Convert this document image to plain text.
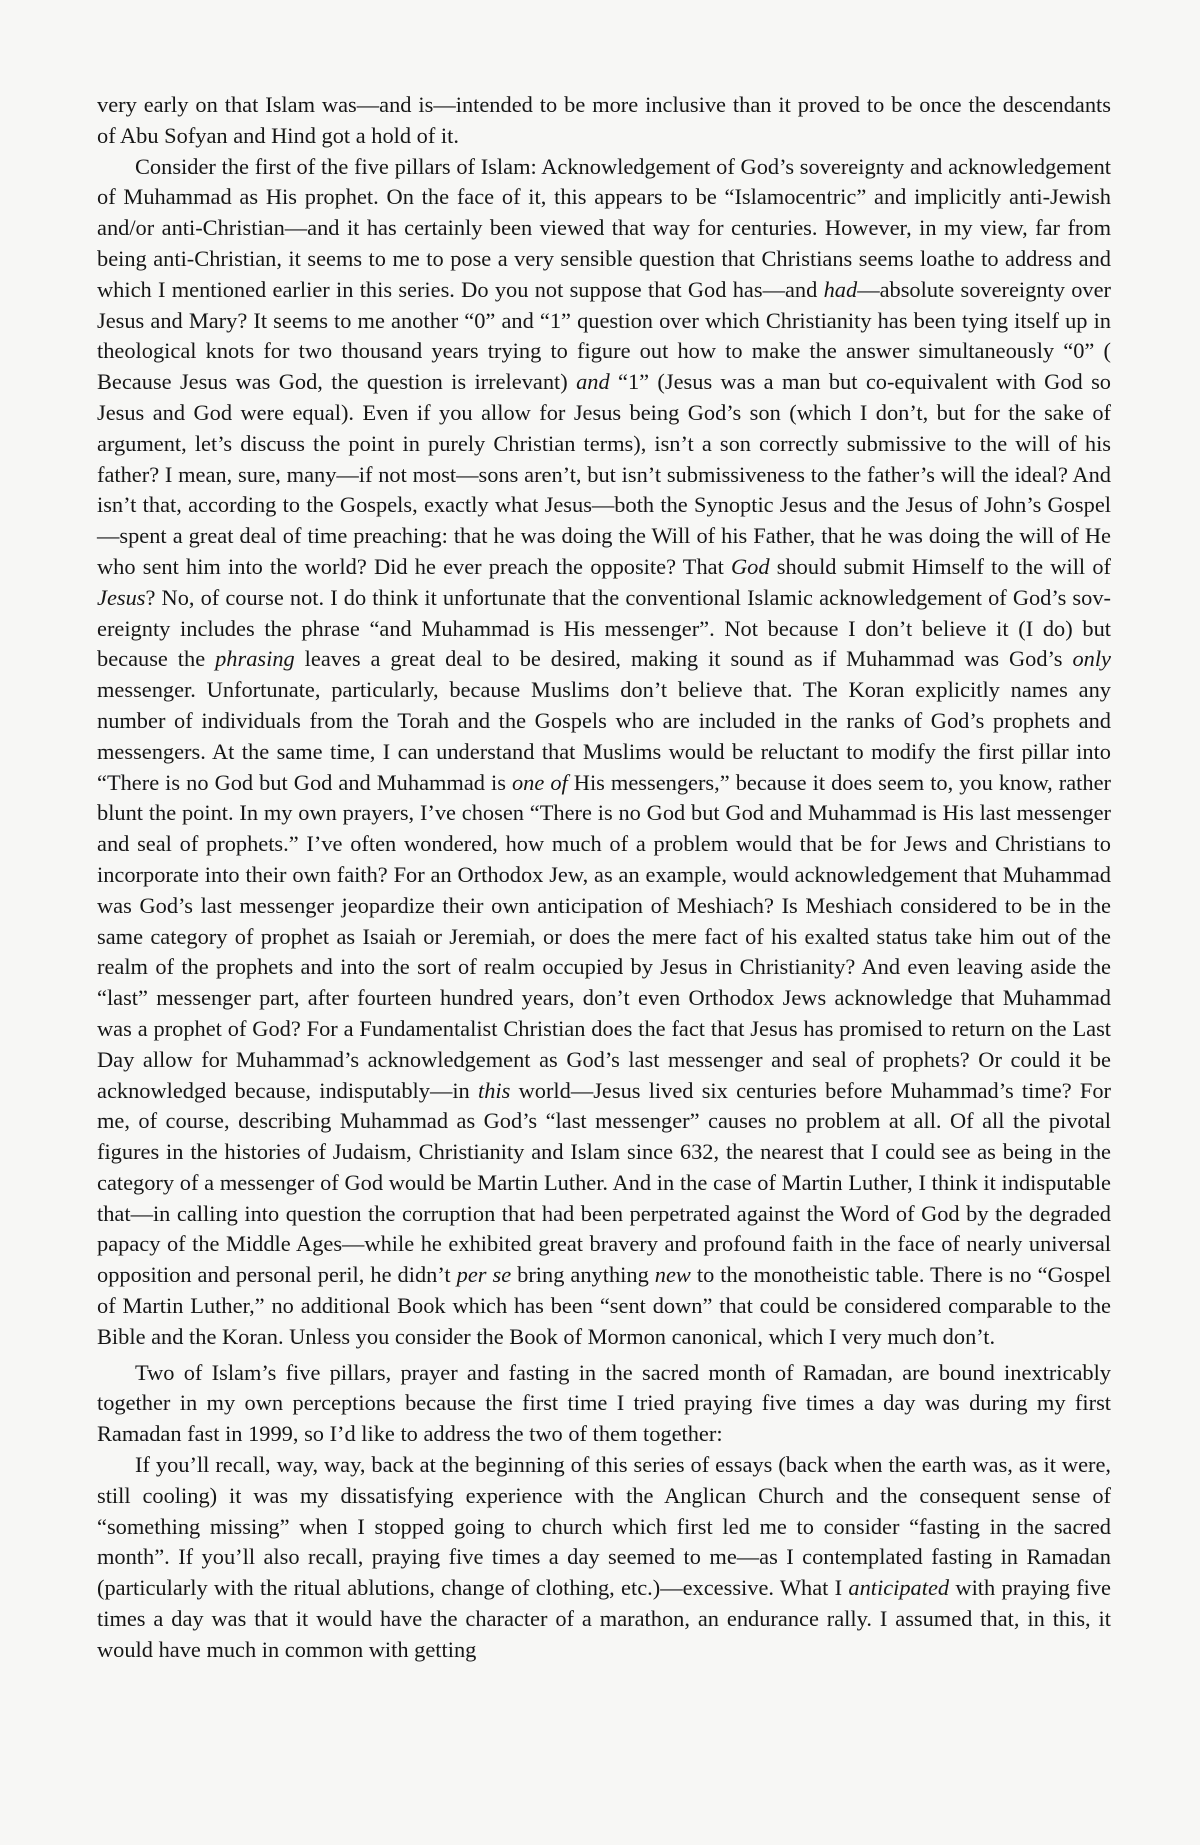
very early on that Islam was—and is—intended to be more inclusive than it proved to be once the descendants of Abu Sofyan and Hind got a hold of it.

Consider the first of the five pillars of Islam: Acknowledgement of God’s sovereignty and acknowledgement of Muhammad as His prophet. On the face of it, this appears to be “Islamocentric” and implicitly anti-Jewish and/or anti-Christian—and it has certainly been viewed that way for centuries. However, in my view, far from being anti-Christian, it seems to me to pose a very sensible question that Christians seems loathe to address and which I mentioned earlier in this series. Do you not suppose that God has—and had—absolute sovereignty over Jesus and Mary? It seems to me another “0” and “1” question over which Christianity has been tying itself up in theological knots for two thousand years trying to figure out how to make the answer simultaneously “0” ( Because Jesus was God, the question is irrelevant) and “1” (Jesus was a man but co-equivalent with God so Jesus and God were equal). Even if you allow for Jesus being God’s son (which I don’t, but for the sake of argument, let’s discuss the point in purely Christian terms), isn’t a son correctly submissive to the will of his father? I mean, sure, many—if not most—sons aren’t, but isn’t submissiveness to the father’s will the ideal? And isn’t that, according to the Gospels, exactly what Jesus—both the Synoptic Jesus and the Jesus of John’s Gospel—spent a great deal of time preaching: that he was doing the Will of his Father, that he was doing the will of He who sent him into the world? Did he ever preach the opposite? That God should submit Himself to the will of Jesus? No, of course not. I do think it unfortunate that the conventional Islamic acknowledgement of God’s sovereignty includes the phrase “and Muhammad is His messenger”. Not because I don’t believe it (I do) but because the phrasing leaves a great deal to be desired, making it sound as if Muhammad was God’s only messenger. Unfortunate, particularly, because Muslims don’t believe that. The Koran explicitly names any number of individuals from the Torah and the Gospels who are included in the ranks of God’s prophets and messengers. At the same time, I can understand that Muslims would be reluctant to modify the first pillar into “There is no God but God and Muhammad is one of His messengers,” because it does seem to, you know, rather blunt the point. In my own prayers, I’ve chosen “There is no God but God and Muhammad is His last messenger and seal of prophets.” I’ve often wondered, how much of a problem would that be for Jews and Christians to incorporate into their own faith? For an Orthodox Jew, as an example, would acknowledgement that Muhammad was God’s last messenger jeopardize their own anticipation of Meshiach? Is Meshiach considered to be in the same category of prophet as Isaiah or Jeremiah, or does the mere fact of his exalted status take him out of the realm of the prophets and into the sort of realm occupied by Jesus in Christianity? And even leaving aside the “last” messenger part, after fourteen hundred years, don’t even Orthodox Jews acknowledge that Muhammad was a prophet of God? For a Fundamentalist Christian does the fact that Jesus has promised to return on the Last Day allow for Muhammad’s acknowledgement as God’s last messenger and seal of prophets? Or could it be acknowledged because, indisputably—in this world—Jesus lived six centuries before Muhammad’s time? For me, of course, describing Muhammad as God’s “last messenger” causes no problem at all. Of all the pivotal figures in the histories of Judaism, Christianity and Islam since 632, the nearest that I could see as being in the category of a messenger of God would be Martin Luther. And in the case of Martin Luther, I think it indisputable that—in calling into question the corruption that had been perpetrated against the Word of God by the degraded papacy of the Middle Ages—while he exhibited great bravery and profound faith in the face of nearly universal opposition and personal peril, he didn’t per se bring anything new to the monotheistic table. There is no “Gospel of Martin Luther,” no additional Book which has been “sent down” that could be considered comparable to the Bible and the Koran. Unless you consider the Book of Mormon canonical, which I very much don’t.

Two of Islam’s five pillars, prayer and fasting in the sacred month of Ramadan, are bound inextricably together in my own perceptions because the first time I tried praying five times a day was during my first Ramadan fast in 1999, so I’d like to address the two of them together:

If you’ll recall, way, way, back at the beginning of this series of essays (back when the earth was, as it were, still cooling) it was my dissatisfying experience with the Anglican Church and the consequent sense of “something missing” when I stopped going to church which first led me to consider “fasting in the sacred month”. If you’ll also recall, praying five times a day seemed to me—as I contemplated fasting in Ramadan (particularly with the ritual ablutions, change of clothing, etc.)—excessive. What I anticipated with praying five times a day was that it would have the character of a marathon, an endurance rally. I assumed that, in this, it would have much in common with getting
